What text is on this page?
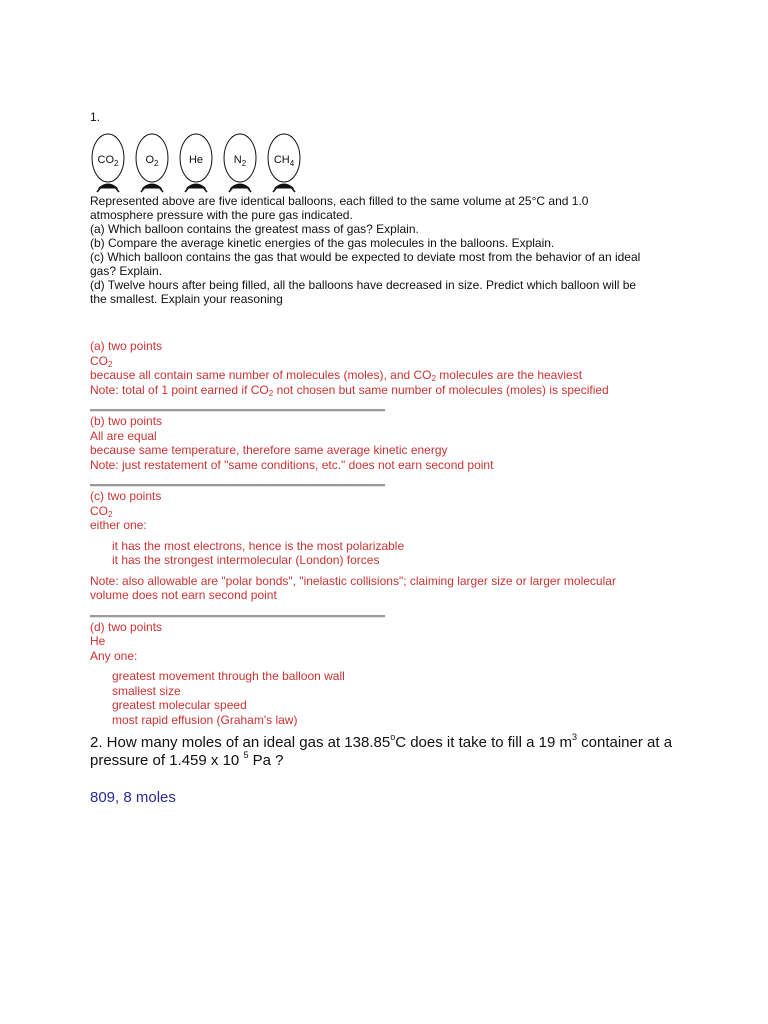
1.
$CO_2$ $O_2$	He	$N_2$	$CH_4$
Represented above are five identical balloons, each filled to the same volume at 25°C and 1.0
atmosphere pressure with the pure gas indicated.
(a) Which balloon contains the greatest mass of gas? Explain.
(b) Compare the average kinetic energies of the gas molecules in the balloons. Explain.
(c) Which balloon contains the gas that would be expected to deviate most from the behavior of an ideal
gas? Explain.
(d) Twelve hours after being filled, all the balloons have decreased in size. Predict which balloon will be
the smallest. Explain your reasoning
(a) two points
$CO_2$
because all contain same number of molecules (moles), and $CO_2$ molecules are the heaviest
Note: total of 1 point earned if $CO_2$ not chosen but same number of molecules (moles) is specified
(b) two points
All are equal
because same temperature, therefore same average kinetic energy
Note: just restatement of "same conditions, etc." does not earn second point
(c) two points
$CO_2$
either one:
it has the most electrons, hence is the most polarizable
it has the strongest intermolecular (London) forces
Note: also allowable are "polar bonds", "inelastic collisions"; claiming larger size or larger molecular
volume does not earn second point
(d) two points
He
Any one:
greatest movement through the balloon wall
smallest size
greatest molecular speed
most rapid effusion (Graham's law)
2. How many moles of an ideal gas at 138.85$^o$C does it take to fill a 19 $m^3$ container at a
pressure of 1.459 x 10 $^5$ Pa ?
809, 8 moles
